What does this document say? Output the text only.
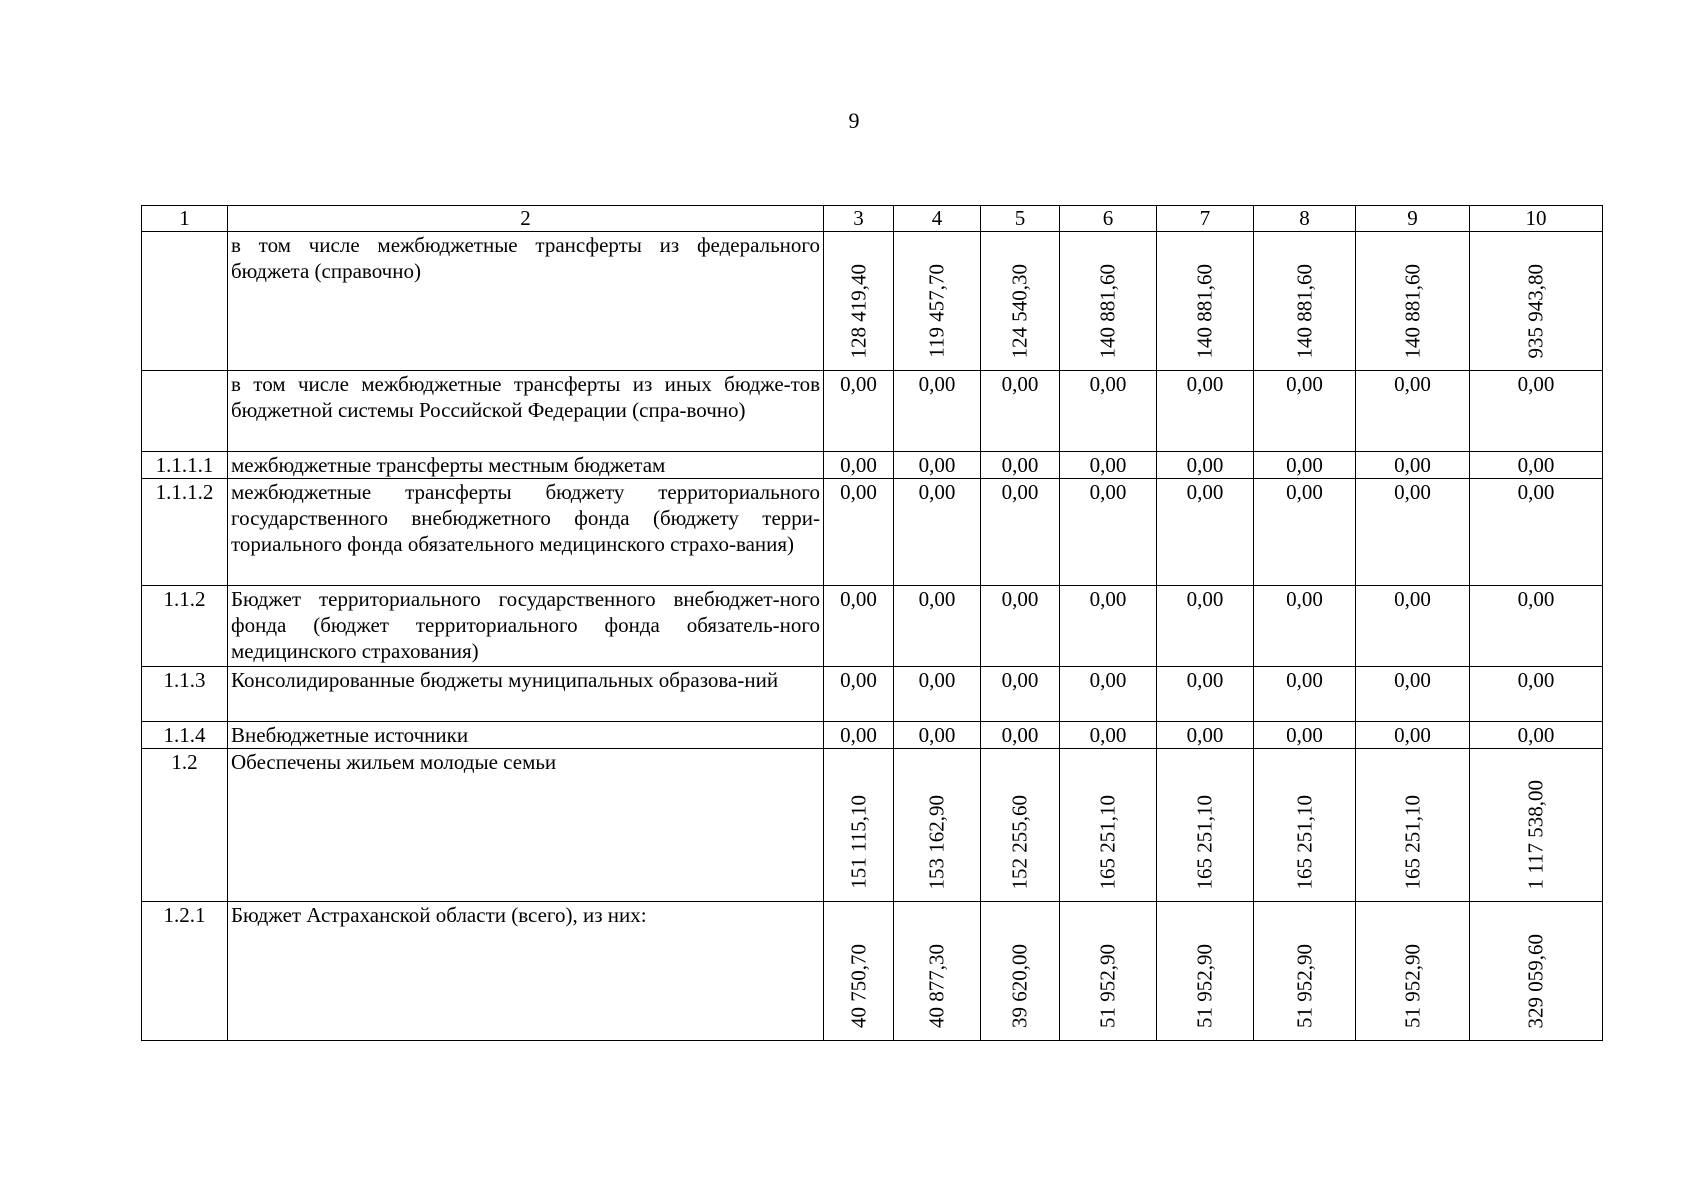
9
1	2	3	4	5	6	7	8	9	10
	в том числе межбюджетные трансферты из федерального бюджета (справочно)	128 419,40	119 457,70	124 540,30	140 881,60	140 881,60	140 881,60	140 881,60	935 943,80

	в том числе межбюджетные трансферты из иных бюдже-тов бюджетной системы Российской Федерации (спра-вочно)	0,00	0,00	0,00	0,00	0,00	0,00	0,00	0,00
1.1.1.1	межбюджетные трансферты местным бюджетам	0,00	0,00	0,00	0,00	0,00	0,00	0,00	0,00
1.1.1.2	межбюджетные трансферты бюджету территориального государственного внебюджетного фонда (бюджету терри-ториального фонда обязательного медицинского страхо-вания)	0,00	0,00	0,00	0,00	0,00	0,00	0,00	0,00
1.1.2	Бюджет территориального государственного внебюджет-ного фонда (бюджет территориального фонда обязатель-ного медицинского страхования)	0,00	0,00	0,00	0,00	0,00	0,00	0,00	0,00
1.1.3	Консолидированные бюджеты муниципальных образова-ний	0,00	0,00	0,00	0,00	0,00	0,00	0,00	0,00
1.1.4	Внебюджетные источники	0,00	0,00	0,00	0,00	0,00	0,00	0,00	0,00
1.2	Обеспечены жильем молодые семьи	151 115,10	153 162,90	152 255,60	165 251,10	165 251,10	165 251,10	165 251,10	1 117 538,00

1.2.1	Бюджет Астраханской области (всего), из них:	40 750,70	40 877,30	39 620,00	51 952,90	51 952,90	51 952,90	51 952,90	329 059,60
